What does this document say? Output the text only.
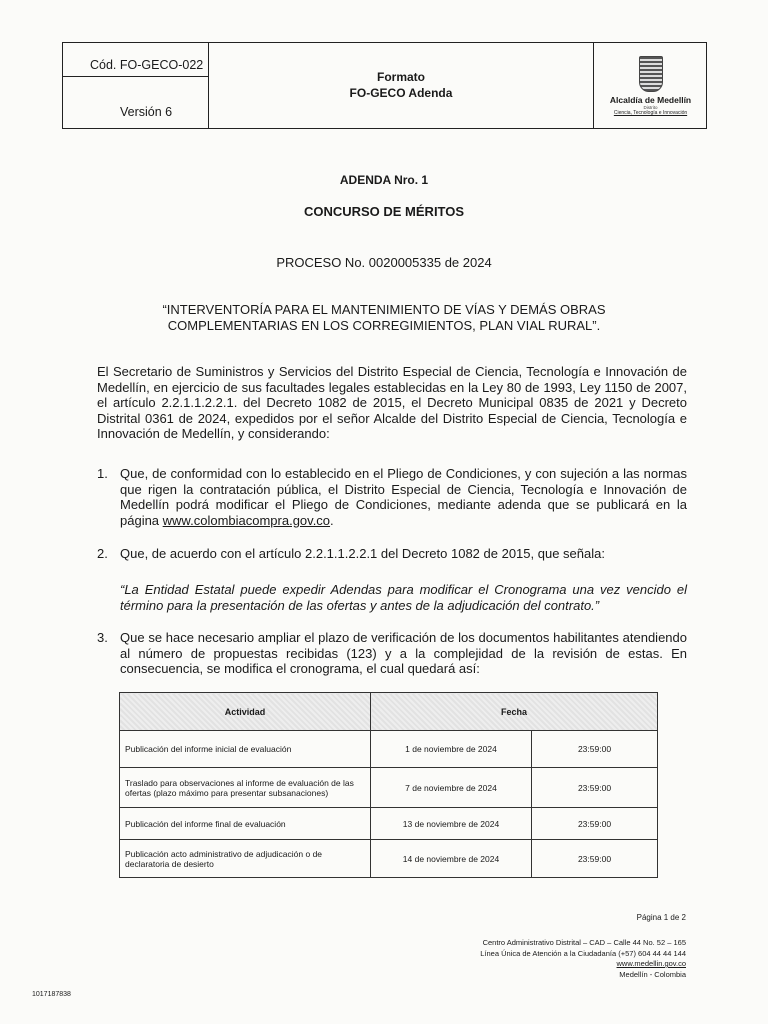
Cód. FO-GECO-022
Versión 6
Formato
FO-GECO Adenda	Alcaldía de Medellín
Distrito
Ciencia, Tecnología e Innovación
ADENDA Nro. 1
CONCURSO DE MÉRITOS
PROCESO No. 0020005335 de 2024
“INTERVENTORÍA PARA EL MANTENIMIENTO DE VÍAS Y DEMÁS OBRAS
COMPLEMENTARIAS EN LOS CORREGIMIENTOS, PLAN VIAL RURAL”.
El Secretario de Suministros y Servicios del Distrito Especial de Ciencia, Tecnología e Innovación de Medellín, en ejercicio de sus facultades legales establecidas en la Ley 80 de 1993, Ley 1150 de 2007, el artículo 2.2.1.1.2.2.1. del Decreto 1082 de 2015, el Decreto Municipal 0835 de 2021 y Decreto Distrital 0361 de 2024, expedidos por el señor Alcalde del Distrito Especial de Ciencia, Tecnología e Innovación de Medellín, y considerando:
1. Que, de conformidad con lo establecido en el Pliego de Condiciones, y con sujeción a las normas que rigen la contratación pública, el Distrito Especial de Ciencia, Tecnología e Innovación de Medellín podrá modificar el Pliego de Condiciones, mediante adenda que se publicará en la página www.colombiacompra.gov.co.
2. Que, de acuerdo con el artículo 2.2.1.1.2.2.1 del Decreto 1082 de 2015, que señala:
“La Entidad Estatal puede expedir Adendas para modificar el Cronograma una vez vencido el término para la presentación de las ofertas y antes de la adjudicación del contrato.”
3. Que se hace necesario ampliar el plazo de verificación de los documentos habilitantes atendiendo al número de propuestas recibidas (123) y a la complejidad de la revisión de estas. En consecuencia, se modifica el cronograma, el cual quedará así:
Actividad	Fecha	
Publicación del informe inicial de evaluación	1 de noviembre de 2024	23:59:00
Traslado para observaciones al informe de evaluación de las ofertas (plazo máximo para presentar subsanaciones)	7 de noviembre de 2024	23:59:00
Publicación del informe final de evaluación	13 de noviembre de 2024	23:59:00
Publicación acto administrativo de adjudicación o de declaratoria de desierto	14 de noviembre de 2024	23:59:00
Página 1 de 2
Centro Administrativo Distrital – CAD – Calle 44 No. 52 – 165
Línea Única de Atención a la Ciudadanía (+57) 604 44 44 144
www.medellin.gov.co
Medellín - Colombia
1017187838
